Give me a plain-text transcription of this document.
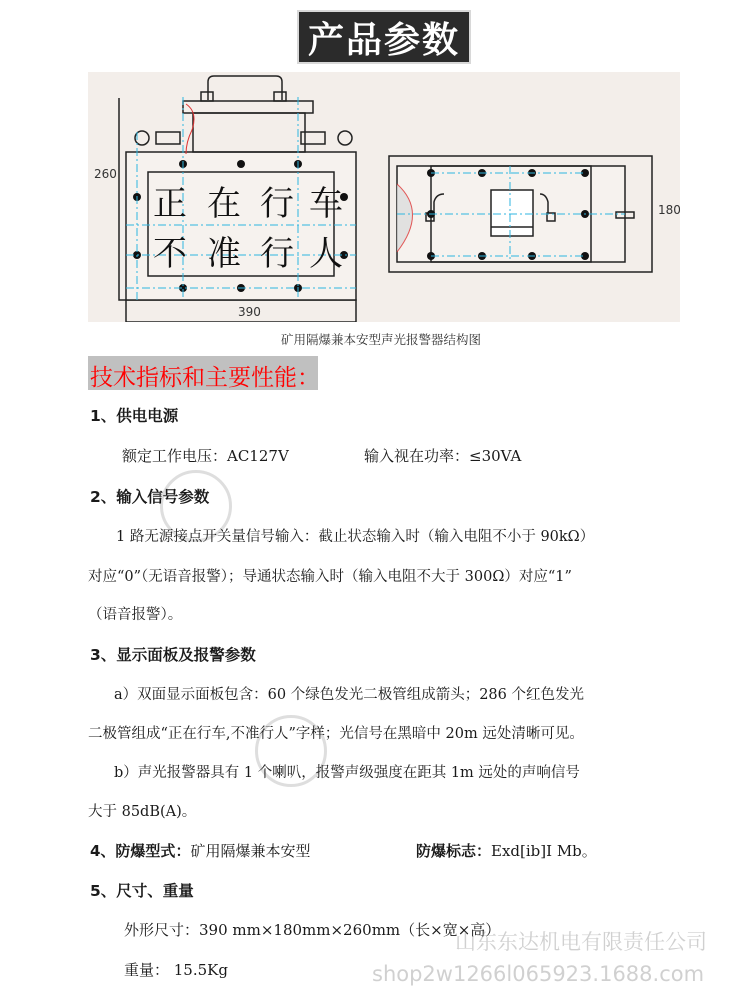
产品参数
正 在 行 车
不 准 行 人
260
390
180
矿用隔爆兼本安型声光报警器结构图
技术指标和主要性能：
1、供电电源
额定工作电压：AC127V	输入视在功率：≤30VA
2、输入信号参数
1 路无源接点开关量信号输入：截止状态输入时（输入电阻不小于 90kΩ）
对应“0”（无语音报警）；导通状态输入时（输入电阻不大于 300Ω）对应“1”
（语音报警）。
3、显示面板及报警参数
a）双面显示面板包含：60 个绿色发光二极管组成箭头；286 个红色发光
二极管组成“正在行车,不准行人”字样；光信号在黑暗中 20m 远处清晰可见。
b）声光报警器具有 1 个喇叭，报警声级强度在距其 1m 远处的声响信号
大于 85dB(A)。
4、防爆型式：矿用隔爆兼本安型	防爆标志：Exd[ib]I Mb。
5、尺寸、重量
外形尺寸：390 mm×180mm×260mm（长×宽×高）
重量： 15.5Kg
山东东达机电有限责任公司
shop2w1266l065923.1688.com
